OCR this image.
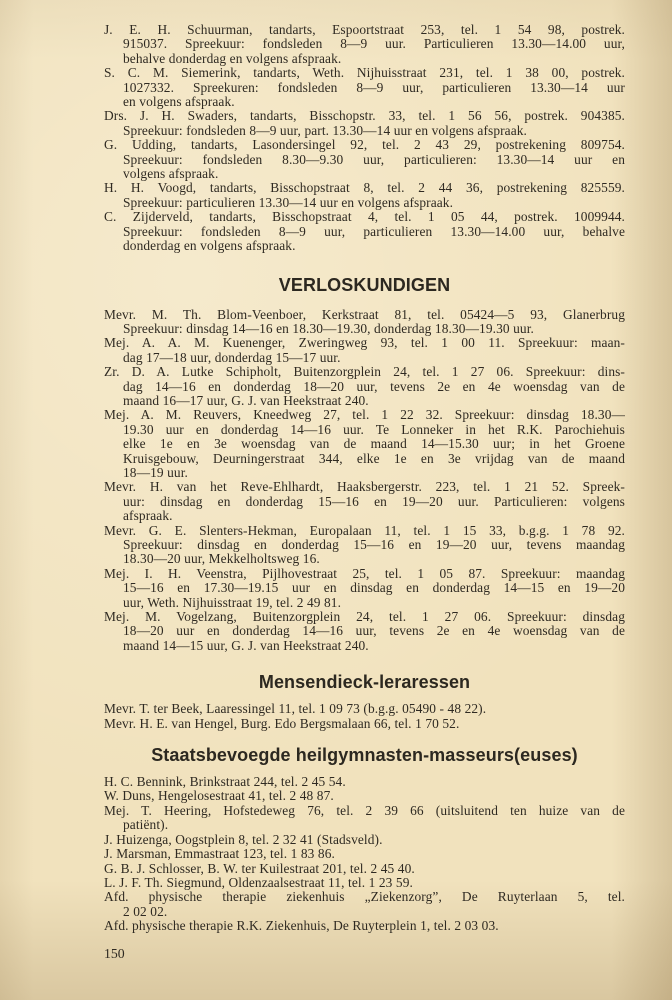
J. E. H. Schuurman, tandarts, Espoortstraat 253, tel. 1 54 98, postrek.
915037. Spreekuur: fondsleden 8—9 uur. Particulieren 13.30—14.00 uur,
behalve donderdag en volgens afspraak.

S. C. M. Siemerink, tandarts, Weth. Nijhuisstraat 231, tel. 1 38 00, postrek.
1027332. Spreekuren: fondsleden 8—9 uur, particulieren 13.30—14 uur
en volgens afspraak.

Drs. J. H. Swaders, tandarts, Bisschopstr. 33, tel. 1 56 56, postrek. 904385.
Spreekuur: fondsleden 8—9 uur, part. 13.30—14 uur en volgens afspraak.

G. Udding, tandarts, Lasondersingel 92, tel. 2 43 29, postrekening 809754.
Spreekuur: fondsleden 8.30—9.30 uur, particulieren: 13.30—14 uur en
volgens afspraak.

H. H. Voogd, tandarts, Bisschopstraat 8, tel. 2 44 36, postrekening 825559.
Spreekuur: particulieren 13.30—14 uur en volgens afspraak.

C. Zijderveld, tandarts, Bisschopstraat 4, tel. 1 05 44, postrek. 1009944.
Spreekuur: fondsleden 8—9 uur, particulieren 13.30—14.00 uur, behalve
donderdag en volgens afspraak.

VERLOSKUNDIGEN

Mevr. M. Th. Blom-Veenboer, Kerkstraat 81, tel. 05424—5 93, Glanerbrug
Spreekuur: dinsdag 14—16 en 18.30—19.30, donderdag 18.30—19.30 uur.

Mej. A. A. M. Kuenenger, Zweringweg 93, tel. 1 00 11. Spreekuur: maan-
dag 17—18 uur, donderdag 15—17 uur.

Zr. D. A. Lutke Schipholt, Buitenzorgplein 24, tel. 1 27 06. Spreekuur: dins-
dag 14—16 en donderdag 18—20 uur, tevens 2e en 4e woensdag van de
maand 16—17 uur, G. J. van Heekstraat 240.

Mej. A. M. Reuvers, Kneedweg 27, tel. 1 22 32. Spreekuur: dinsdag 18.30—
19.30 uur en donderdag 14—16 uur. Te Lonneker in het R.K. Parochiehuis
elke 1e en 3e woensdag van de maand 14—15.30 uur; in het Groene
Kruisgebouw, Deurningerstraat 344, elke 1e en 3e vrijdag van de maand
18—19 uur.

Mevr. H. van het Reve-Ehlhardt, Haaksbergerstr. 223, tel. 1 21 52. Spreek-
uur: dinsdag en donderdag 15—16 en 19—20 uur. Particulieren: volgens
afspraak.

Mevr. G. E. Slenters-Hekman, Europalaan 11, tel. 1 15 33, b.g.g. 1 78 92.
Spreekuur: dinsdag en donderdag 15—16 en 19—20 uur, tevens maandag
18.30—20 uur, Mekkelholtsweg 16.

Mej. I. H. Veenstra, Pijlhovestraat 25, tel. 1 05 87. Spreekuur: maandag
15—16 en 17.30—19.15 uur en dinsdag en donderdag 14—15 en 19—20
uur, Weth. Nijhuisstraat 19, tel. 2 49 81.

Mej. M. Vogelzang, Buitenzorgplein 24, tel. 1 27 06. Spreekuur: dinsdag
18—20 uur en donderdag 14—16 uur, tevens 2e en 4e woensdag van de
maand 14—15 uur, G. J. van Heekstraat 240.

Mensendieck-leraressen

Mevr. T. ter Beek, Laaressingel 11, tel. 1 09 73 (b.g.g. 05490 - 48 22).

Mevr. H. E. van Hengel, Burg. Edo Bergsmalaan 66, tel. 1 70 52.

Staatsbevoegde heilgymnasten-masseurs(euses)

H. C. Bennink, Brinkstraat 244, tel. 2 45 54.

W. Duns, Hengelosestraat 41, tel. 2 48 87.

Mej. T. Heering, Hofstedeweg 76, tel. 2 39 66 (uitsluitend ten huize van de
patiënt).

J. Huizenga, Oogstplein 8, tel. 2 32 41 (Stadsveld).

J. Marsman, Emmastraat 123, tel. 1 83 86.

G. B. J. Schlosser, B. W. ter Kuilestraat 201, tel. 2 45 40.

L. J. F. Th. Siegmund, Oldenzaalsestraat 11, tel. 1 23 59.

Afd. physische therapie ziekenhuis „Ziekenzorg”, De Ruyterlaan 5, tel.
2 02 02.

Afd. physische therapie R.K. Ziekenhuis, De Ruyterplein 1, tel. 2 03 03.

150
